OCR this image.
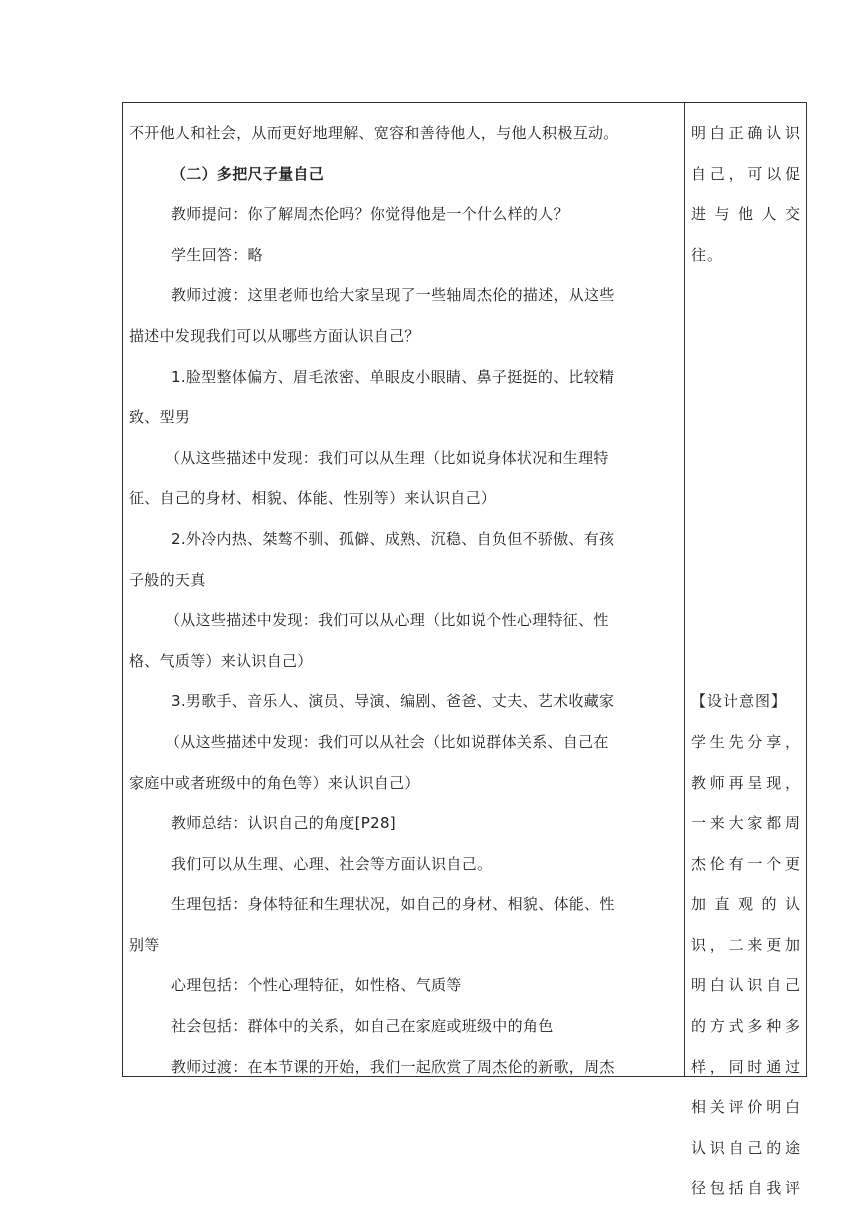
不开他人和社会，从而更好地理解、宽容和善待他人，与他人积极互动。
（二）多把尺子量自己
教师提问：你了解周杰伦吗？你觉得他是一个什么样的人？
学生回答：略
教师过渡：这里老师也给大家呈现了一些轴周杰伦的描述，从这些
描述中发现我们可以从哪些方面认识自己？
1.脸型整体偏方、眉毛浓密、单眼皮小眼睛、鼻子挺挺的、比较精
致、型男
（从这些描述中发现：我们可以从生理（比如说身体状况和生理特
征、自己的身材、相貌、体能、性别等）来认识自己）
2.外冷内热、桀骜不驯、孤僻、成熟、沉稳、自负但不骄傲、有孩
子般的天真
（从这些描述中发现：我们可以从心理（比如说个性心理特征、性
格、气质等）来认识自己）
3.男歌手、音乐人、演员、导演、编剧、爸爸、丈夫、艺术收藏家
（从这些描述中发现：我们可以从社会（比如说群体关系、自己在
家庭中或者班级中的角色等）来认识自己）
教师总结：认识自己的角度[P28]
我们可以从生理、心理、社会等方面认识自己。
生理包括：身体特征和生理状况，如自己的身材、相貌、体能、性
别等
心理包括：个性心理特征，如性格、气质等
社会包括：群体中的关系，如自己在家庭或班级中的角色
教师过渡：在本节课的开始，我们一起欣赏了周杰伦的新歌，周杰
明白正确认识
自己，可以促
进与他人交
往。
【设计意图】
学生先分享，
教师再呈现，
一来大家都周
杰伦有一个更
加直观的认
识，二来更加
明白认识自己
的方式多种多
样，同时通过
相关评价明白
认识自己的途
径包括自我评
